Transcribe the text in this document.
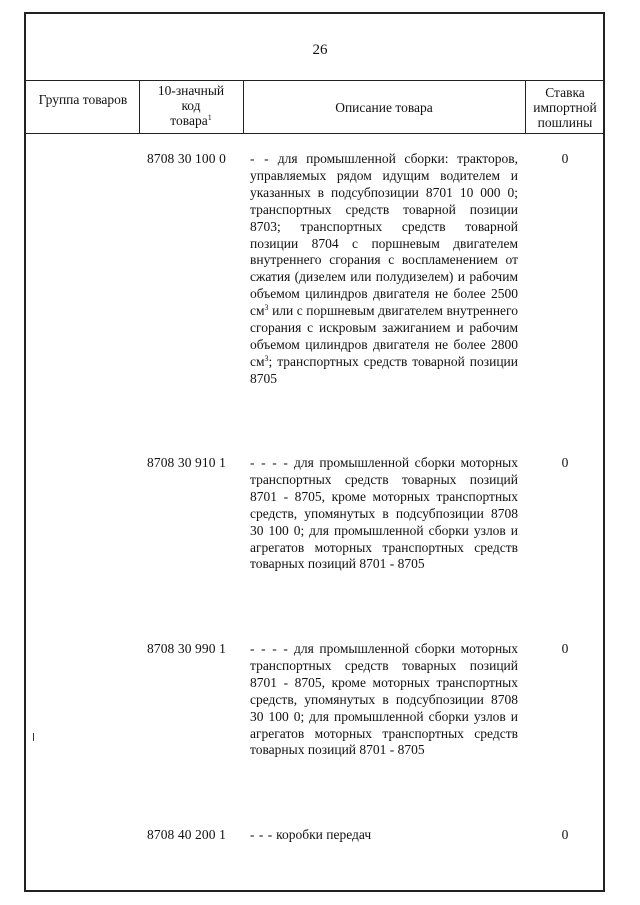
26
Группа товаров
10-значный
код
товара$^1$
Описание товара
Ставка импортной пошлины
8708 30 100 0 - - для промышленной сборки: тракторов, управляемых рядом идущим водителем и указанных в подсубпозиции 8701 10 000 0; транспортных средств товарной позиции 8703; транспортных средств товарной позиции 8704 с поршневым двигателем внутреннего сгорания с воспламенением от сжатия (дизелем или полудизелем) и рабочим объемом цилиндров двигателя не более 2500 $см^3$ или с поршневым двигателем внутреннего сгорания с искровым зажиганием и рабочим объемом цилиндров двигателя не более 2800 $см^3$; транспортных средств товарной позиции 8705
0
8708 30 910 1 - - - - для промышленной сборки моторных транспортных средств товарных позиций 8701 - 8705, кроме моторных транспортных средств, упомянутых в подсубпозиции 8708 30 100 0; для промышленной сборки узлов и агрегатов моторных транспортных средств товарных позиций 8701 - 8705
0
8708 30 990 1 - - - - для промышленной сборки моторных транспортных средств товарных позиций 8701 - 8705, кроме моторных транспортных средств, упомянутых в подсубпозиции 8708 30 100 0; для промышленной сборки узлов и агрегатов моторных транспортных средств товарных позиций 8701 - 8705
0
8708 40 200 1 - - - коробки передач	0
